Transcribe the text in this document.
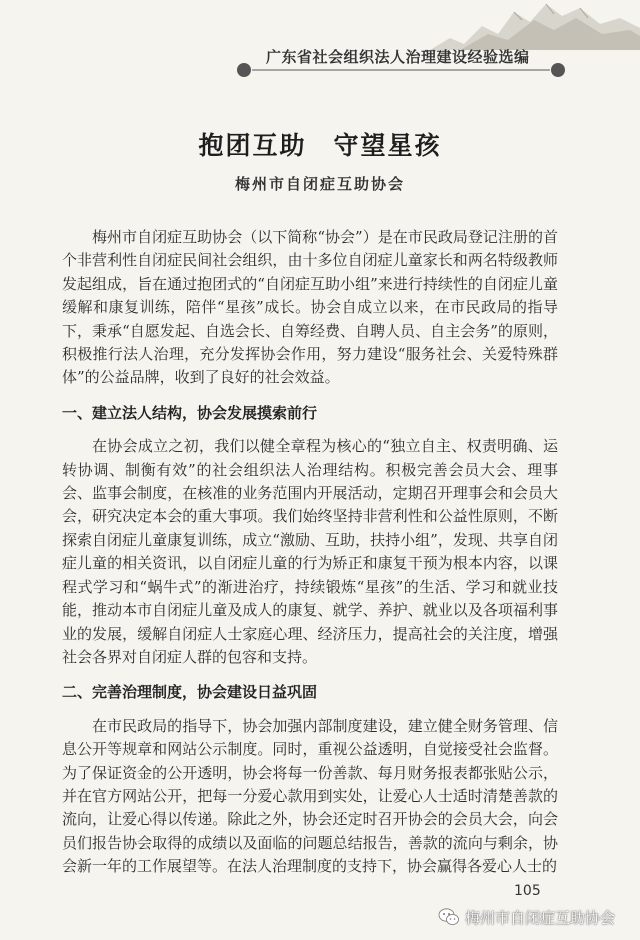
广东省社会组织法人治理建设经验选编
抱团互助　守望星孩
梅州市自闭症互助协会

梅州市自闭症互助协会（以下简称“协会”）是在市民政局登记注册的首个非营利性自闭症民间社会组织，由十多位自闭症儿童家长和两名特级教师发起组成，旨在通过抱团式的“自闭症互助小组”来进行持续性的自闭症儿童缓解和康复训练，陪伴“星孩”成长。协会自成立以来，在市民政局的指导下，秉承“自愿发起、自选会长、自筹经费、自聘人员、自主会务”的原则，积极推行法人治理，充分发挥协会作用，努力建设“服务社会、关爱特殊群体”的公益品牌，收到了良好的社会效益。

一、建立法人结构，协会发展摸索前行

在协会成立之初，我们以健全章程为核心的“独立自主、权责明确、运转协调、制衡有效”的社会组织法人治理结构。积极完善会员大会、理事会、监事会制度，在核准的业务范围内开展活动，定期召开理事会和会员大会，研究决定本会的重大事项。我们始终坚持非营利性和公益性原则，不断探索自闭症儿童康复训练，成立“激励、互助，扶持小组”，发现、共享自闭症儿童的相关资讯，以自闭症儿童的行为矫正和康复干预为根本内容，以课程式学习和“蜗牛式”的渐进治疗，持续锻炼“星孩”的生活、学习和就业技能，推动本市自闭症儿童及成人的康复、就学、养护、就业以及各项福利事业的发展，缓解自闭症人士家庭心理、经济压力，提高社会的关注度，增强社会各界对自闭症人群的包容和支持。

二、完善治理制度，协会建设日益巩固

在市民政局的指导下，协会加强内部制度建设，建立健全财务管理、信息公开等规章和网站公示制度。同时，重视公益透明，自觉接受社会监督。为了保证资金的公开透明，协会将每一份善款、每月财务报表都张贴公示，并在官方网站公开，把每一分爱心款用到实处，让爱心人士适时清楚善款的流向，让爱心得以传递。除此之外，协会还定时召开协会的会员大会，向会员们报告协会取得的成绩以及面临的问题总结报告，善款的流向与剩余，协会新一年的工作展望等。在法人治理制度的支持下，协会赢得各爱心人士的

105
梅州市自闭症互助协会
